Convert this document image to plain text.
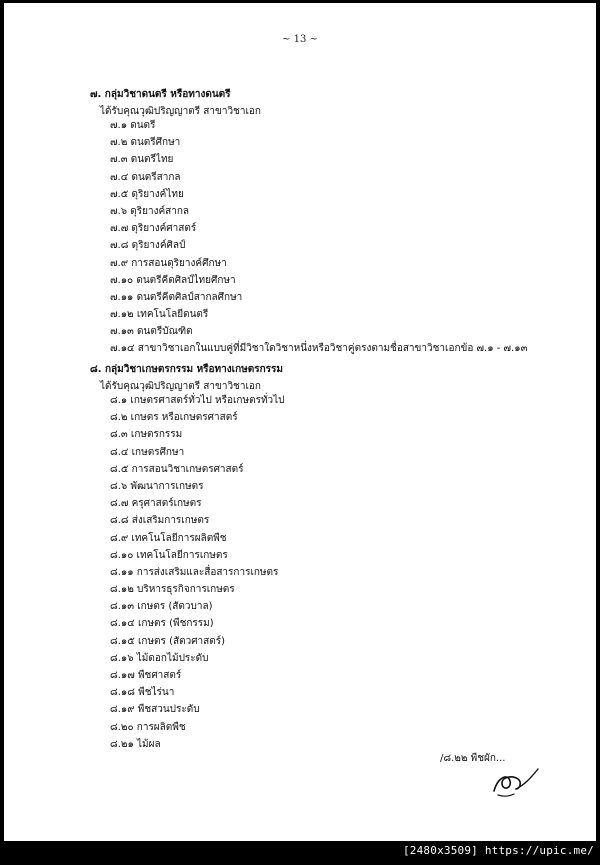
~ 13 ~
๗. กลุ่มวิชาดนตรี หรือทางดนตรี
ได้รับคุณวุฒิปริญญาตรี สาขาวิชาเอก
๗.๑ ดนตรี
๗.๒ ดนตรีศึกษา
๗.๓ ดนตรีไทย
๗.๔ ดนตรีสากล
๗.๕ ดุริยางค์ไทย
๗.๖ ดุริยางค์สากล
๗.๗ ดุริยางค์ศาสตร์
๗.๘ ดุริยางค์ศิลป์
๗.๙ การสอนดุริยางค์ศึกษา
๗.๑๐ ดนตรีคีตศิลป์ไทยศึกษา
๗.๑๑ ดนตรีคีตศิลป์สากลศึกษา
๗.๑๒ เทคโนโลยีดนตรี
๗.๑๓ ดนตรีบัณฑิต
๗.๑๔ สาขาวิชาเอกในแบบคู่ที่มีวิชาใดวิชาหนึ่งหรือวิชาคู่ตรงตามชื่อสาขาวิชาเอกข้อ ๗.๑ - ๗.๑๓
๘. กลุ่มวิชาเกษตรกรรม หรือทางเกษตรกรรม
ได้รับคุณวุฒิปริญญาตรี สาขาวิชาเอก
๘.๑ เกษตรศาสตร์ทั่วไป หรือเกษตรทั่วไป
๘.๒ เกษตร หรือเกษตรศาสตร์
๘.๓ เกษตรกรรม
๘.๔ เกษตรศึกษา
๘.๕ การสอนวิชาเกษตรศาสตร์
๘.๖ พัฒนาการเกษตร
๘.๗ ครุศาสตร์เกษตร
๘.๘ ส่งเสริมการเกษตร
๘.๙ เทคโนโลยีการผลิตพืช
๘.๑๐ เทคโนโลยีการเกษตร
๘.๑๑ การส่งเสริมและสื่อสารการเกษตร
๘.๑๒ บริหารธุรกิจการเกษตร
๘.๑๓ เกษตร (สัตวบาล)
๘.๑๔ เกษตร (พืชกรรม)
๘.๑๕ เกษตร (สัตวศาสตร์)
๘.๑๖ ไม้ดอกไม้ประดับ
๘.๑๗ พืชศาสตร์
๘.๑๘ พืชไร่นา
๘.๑๙ พืชสวนประดับ
๘.๒๐ การผลิตพืช
๘.๒๑ ไม้ผล
/๘.๒๒ พืชผัก...
[2480x3509] https://upic.me/
